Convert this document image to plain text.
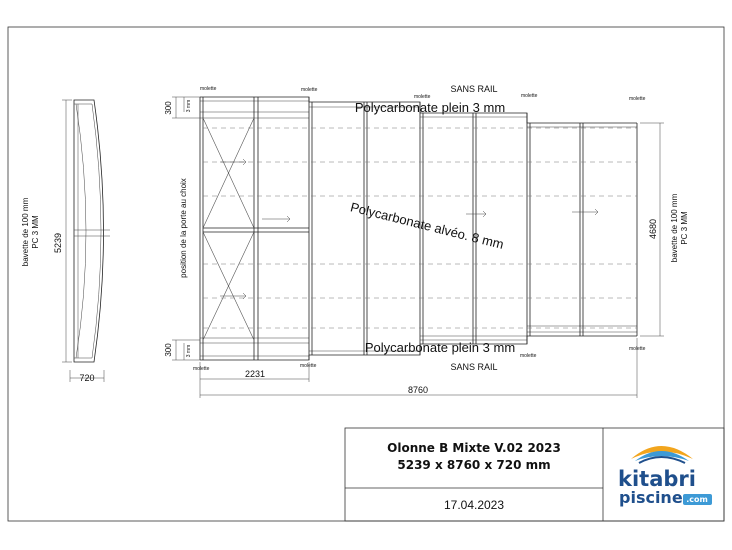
5239
bavette de 100 mm PC 3 MM
720
Polycarbonate plein 3 mm
Polycarbonate alvéo. 8 mm
Polycarbonate plein 3 mm
SANS RAIL
SANS RAIL
position de la porte au choix
300
300
3 mm
3 mm
molette	molette
molette	molette	molette
molette	molette
molette
molette
2231
8760
4680 bavette de 100 mm PC 3 MM
Olonne B Mixte V.02 2023
5239 x 8760 x 720 mm
17.04.2023
kitabri
piscine .com
